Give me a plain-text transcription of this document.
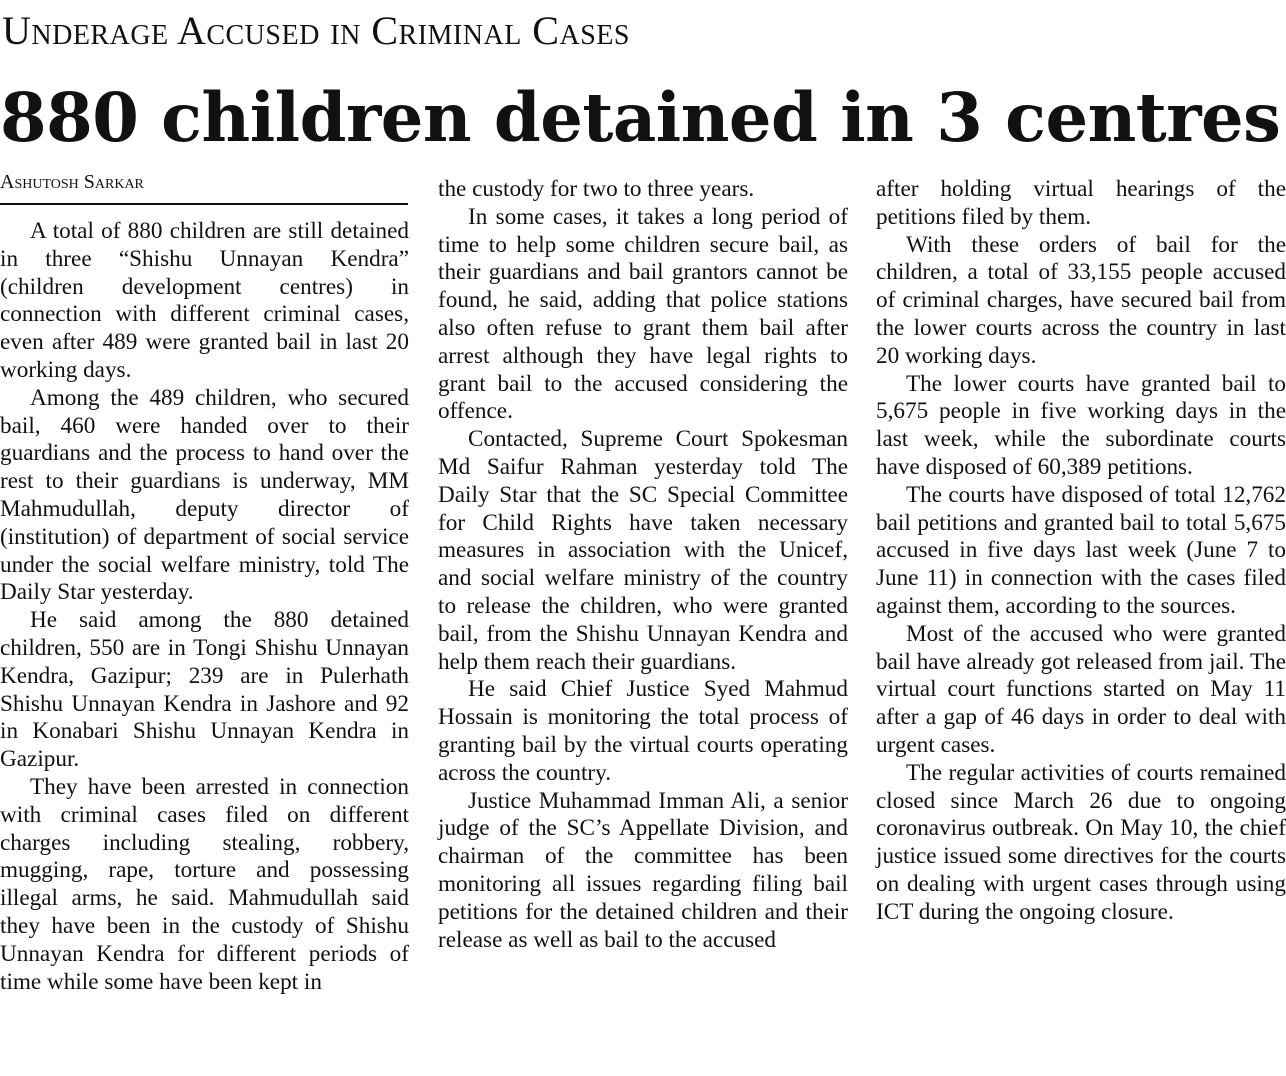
Underage Accused in Criminal Cases
880 children detained in 3 centres
Ashutosh Sarkar

A total of 880 children are still detained in three “Shishu Unnayan Kendra” (children development centres) in connection with different criminal cases, even after 489 were granted bail in last 20 working days.

Among the 489 children, who secured bail, 460 were handed over to their guardians and the process to hand over the rest to their guardians is underway, MM Mahmudullah, deputy director of (institution) of department of social service under the social welfare ministry, told The Daily Star yesterday.

He said among the 880 detained children, 550 are in Tongi Shishu Unnayan Kendra, Gazipur; 239 are in Pulerhath Shishu Unnayan Kendra in Jashore and 92 in Konabari Shishu Unnayan Kendra in Gazipur.

They have been arrested in connection with criminal cases filed on different charges including stealing, robbery, mugging, rape, torture and possessing illegal arms, he said. Mahmudullah said they have been in the custody of Shishu Unnayan Kendra for different periods of time while some have been kept in

the custody for two to three years.

In some cases, it takes a long period of time to help some children secure bail, as their guardians and bail grantors cannot be found, he said, adding that police stations also often refuse to grant them bail after arrest although they have legal rights to grant bail to the accused considering the offence.

Contacted, Supreme Court Spokesman Md Saifur Rahman yesterday told The Daily Star that the SC Special Committee for Child Rights have taken necessary measures in association with the Unicef, and social welfare ministry of the country to release the children, who were granted bail, from the Shishu Unnayan Kendra and help them reach their guardians.

He said Chief Justice Syed Mahmud Hossain is monitoring the total process of granting bail by the virtual courts operating across the country.

Justice Muhammad Imman Ali, a senior judge of the SC’s Appellate Division, and chairman of the committee has been monitoring all issues regarding filing bail petitions for the detained children and their release as well as bail to the accused

after holding virtual hearings of the petitions filed by them.

With these orders of bail for the children, a total of 33,155 people accused of criminal charges, have secured bail from the lower courts across the country in last 20 working days.

The lower courts have granted bail to 5,675 people in five working days in the last week, while the subordinate courts have disposed of 60,389 petitions.

The courts have disposed of total 12,762 bail petitions and granted bail to total 5,675 accused in five days last week (June 7 to June 11) in connection with the cases filed against them, according to the sources.

Most of the accused who were granted bail have already got released from jail. The virtual court functions started on May 11 after a gap of 46 days in order to deal with urgent cases.

The regular activities of courts remained closed since March 26 due to ongoing coronavirus outbreak. On May 10, the chief justice issued some directives for the courts on dealing with urgent cases through using ICT during the ongoing closure.
